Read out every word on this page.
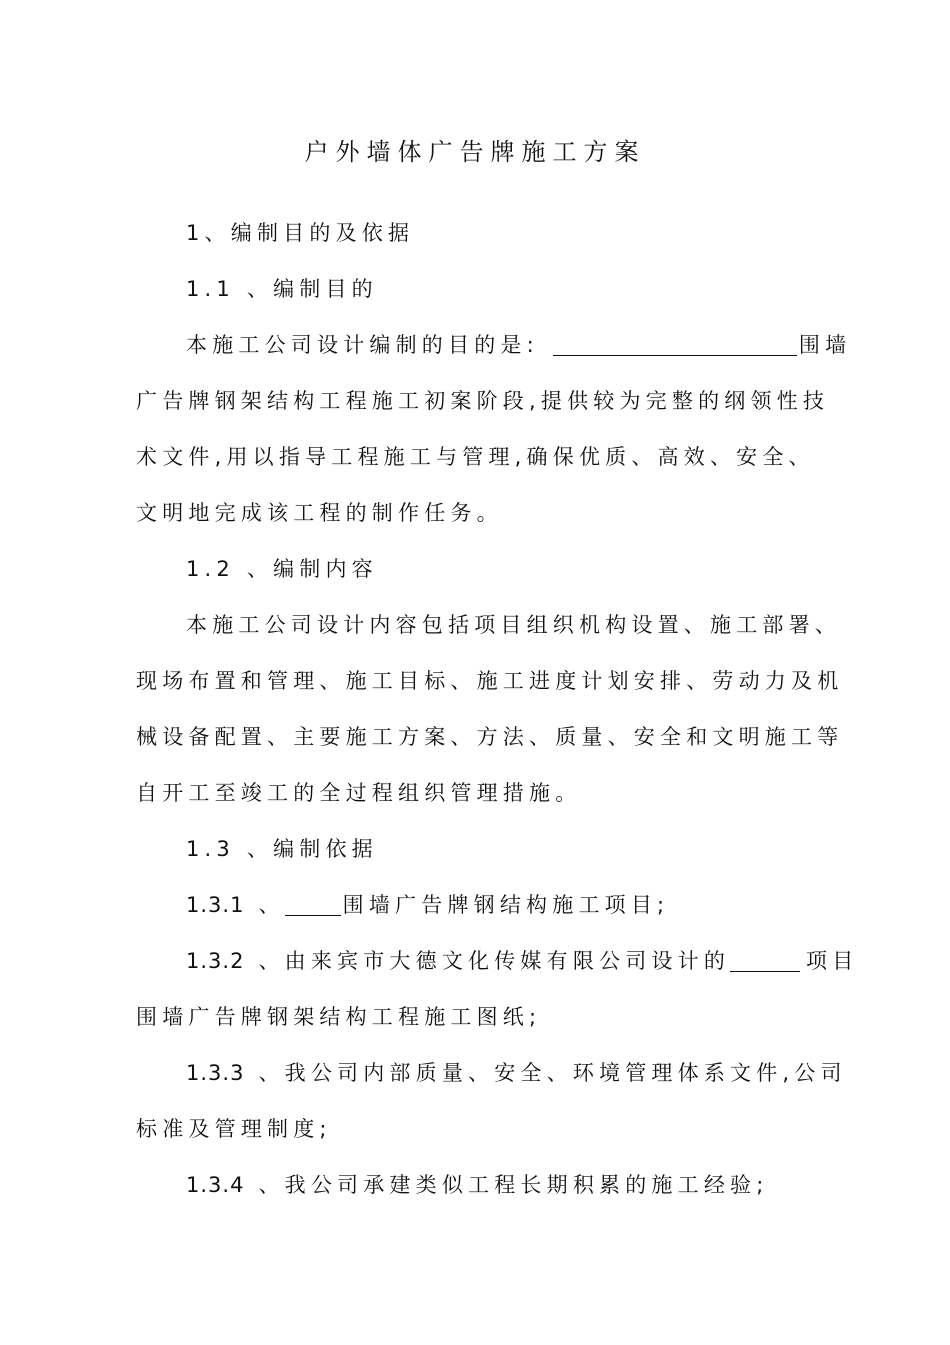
户外墙体广告牌施工方案
1、编制目的及依据
1.1 、编制目的
本施工公司设计编制的目的是:	围墙
广告牌钢架结构工程施工初案阶段,提供较为完整的纲领性技
术文件,用以指导工程施工与管理,确保优质、高效、安全、
文明地完成该工程的制作任务。
1.2 、编制内容
本施工公司设计内容包括项目组织机构设置、施工部署、
现场布置和管理、施工目标、施工进度计划安排、劳动力及机
械设备配置、主要施工方案、方法、质量、安全和文明施工等
自开工至竣工的全过程组织管理措施。
1.3 、编制依据
1.3.1 、	围墙广告牌钢结构施工项目;
1.3.2 、由来宾市大德文化传媒有限公司设计的	项目
围墙广告牌钢架结构工程施工图纸;
1.3.3 、我公司内部质量、安全、环境管理体系文件,公司
标准及管理制度;
1.3.4 、我公司承建类似工程长期积累的施工经验;
